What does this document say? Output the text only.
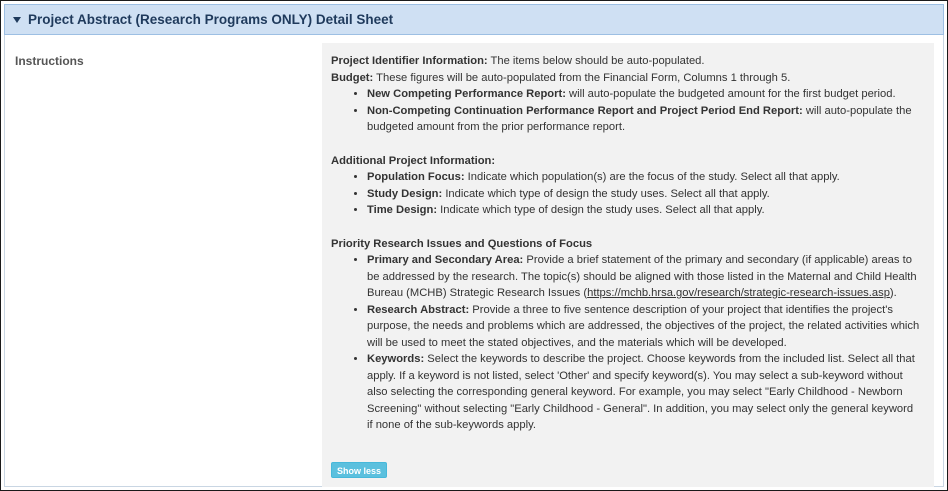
Project Abstract (Research Programs ONLY) Detail Sheet
Instructions	Project Identifier Information: The items below should be auto-populated.

Budget: These figures will be auto-populated from the Financial Form, Columns 1 through 5.

• New Competing Performance Report: will auto-populate the budgeted amount for the first budget period.
• Non-Competing Continuation Performance Report and Project Period End Report: will auto-populate the budgeted amount from the prior performance report.

Additional Project Information:

• Population Focus: Indicate which population(s) are the focus of the study. Select all that apply.
• Study Design: Indicate which type of design the study uses. Select all that apply.
• Time Design: Indicate which type of design the study uses. Select all that apply.

Priority Research Issues and Questions of Focus

• Primary and Secondary Area: Provide a brief statement of the primary and secondary (if applicable) areas to be addressed by the research. The topic(s) should be aligned with those listed in the Maternal and Child Health Bureau (MCHB) Strategic Research Issues (https://mchb.hrsa.gov/research/strategic-research-issues.asp).
• Research Abstract: Provide a three to five sentence description of your project that identifies the project's purpose, the needs and problems which are addressed, the objectives of the project, the related activities which will be used to meet the stated objectives, and the materials which will be developed.
• Keywords: Select the keywords to describe the project. Choose keywords from the included list. Select all that apply. If a keyword is not listed, select 'Other' and specify keyword(s). You may select a sub-keyword without also selecting the corresponding general keyword. For example, you may select "Early Childhood - Newborn Screening" without selecting "Early Childhood - General". In addition, you may select only the general keyword if none of the sub-keywords apply.
Show less
